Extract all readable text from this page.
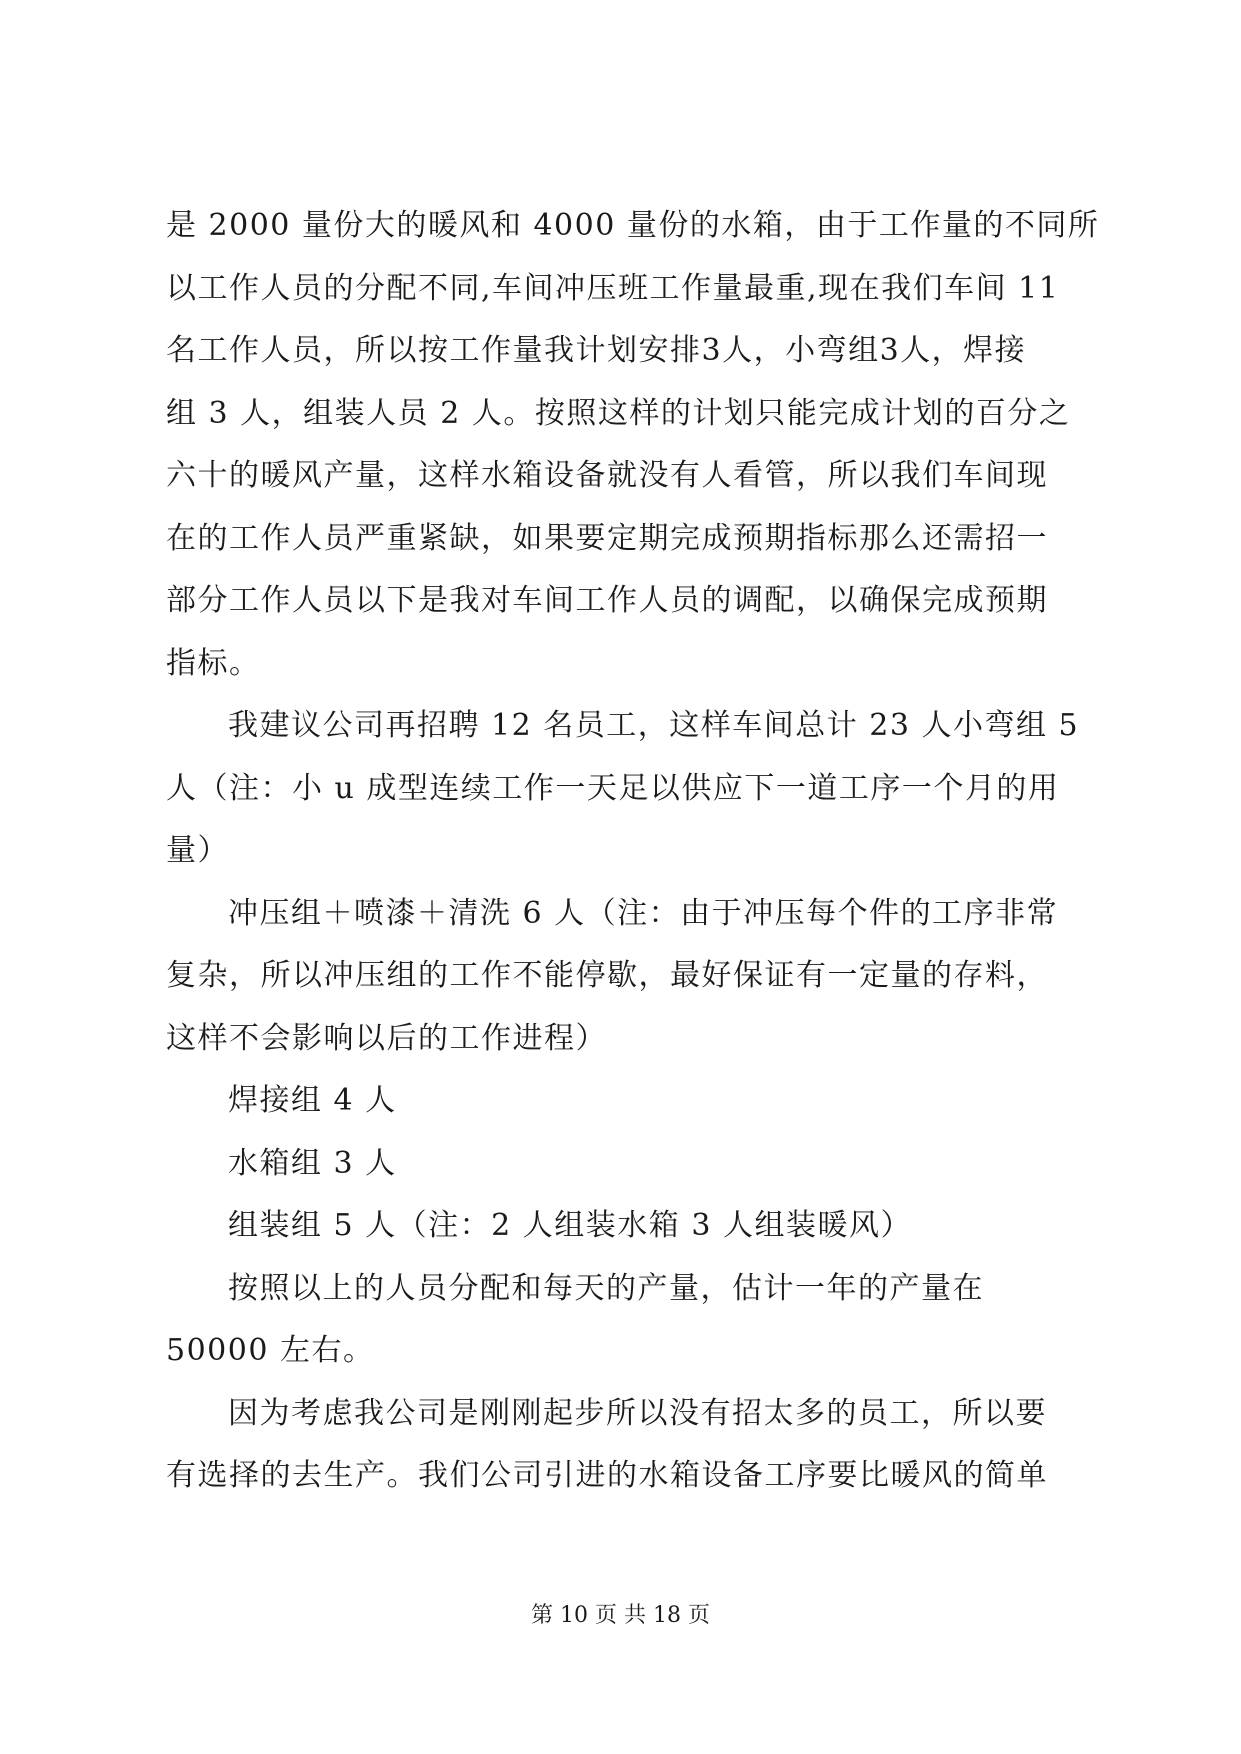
是 2000 量份大的暖风和 4000 量份的水箱，由于工作量的不同所
以工作人员的分配不同,车间冲压班工作量最重,现在我们车间 11
名工作人员，所以按工作量我计划安排3人，小弯组3人，焊接
组 3 人，组装人员 2 人。按照这样的计划只能完成计划的百分之
六十的暖风产量，这样水箱设备就没有人看管，所以我们车间现
在的工作人员严重紧缺，如果要定期完成预期指标那么还需招一
部分工作人员以下是我对车间工作人员的调配，以确保完成预期
指标。
我建议公司再招聘 12 名员工，这样车间总计 23 人小弯组 5
人（注：小 u 成型连续工作一天足以供应下一道工序一个月的用
量）
冲压组＋喷漆＋清洗 6 人（注：由于冲压每个件的工序非常
复杂，所以冲压组的工作不能停歇，最好保证有一定量的存料，
这样不会影响以后的工作进程）
焊接组 4 人
水箱组 3 人
组装组 5 人（注：2 人组装水箱 3 人组装暖风）
按照以上的人员分配和每天的产量，估计一年的产量在
50000 左右。
因为考虑我公司是刚刚起步所以没有招太多的员工，所以要
有选择的去生产。我们公司引进的水箱设备工序要比暖风的简单
第 10 页 共 18 页
